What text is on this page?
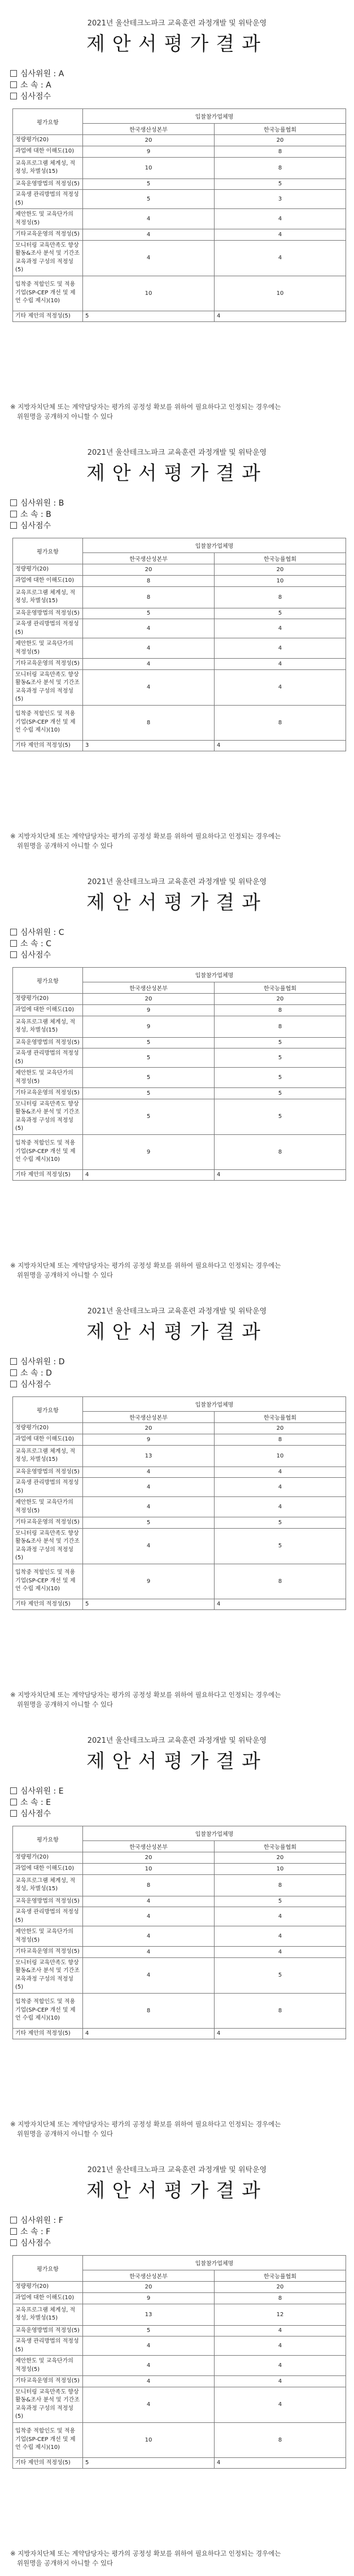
2021년 울산테크노파크 교육훈련 과정개발 및 위탁운영
제안서평가결과
심사위원 : A
소 속 : A
심사점수
평가요항	입찰참가업체명	
	한국생산성본부	한국능률협회
정량평가(20)	20	20
과업에 대한 이해도(10)	9	8
교육프로그램 체계성, 적정성, 차별성(15)	10	8
교육운영방법의 적정성(5)	5	5
교육생 관리방법의 적정성(5)	5	3
제안한도 및 교육단가의 적정성(5)	4	4
기타교육운영의 적정성(5)	4	4
모니터링 교육만족도 향상활동&조사 분석 및 기간조 교육과정 구성의 적정성(5)	4	4
입착중 적합인도 및 적용기업(SP-CEP 개선 및 제언 수립 제시)(10)	10	10
기타 제안의 적정성(5)	5	4
※ 지방자치단체 또는 계약담당자는 평가의 공정성 확보를 위하여 필요하다고 인정되는 경우에는
위원명을 공개하지 아니할 수 있다
2021년 울산테크노파크 교육훈련 과정개발 및 위탁운영
제안서평가결과
심사위원 : B
소 속 : B
심사점수
평가요항	입찰참가업체명	
	한국생산성본부	한국능률협회
정량평가(20)	20	20
과업에 대한 이해도(10)	8	10
교육프로그램 체계성, 적정성, 차별성(15)	8	8
교육운영방법의 적정성(5)	5	5
교육생 관리방법의 적정성(5)	4	4
제안한도 및 교육단가의 적정성(5)	4	4
기타교육운영의 적정성(5)	4	4
모니터링 교육만족도 향상활동&조사 분석 및 기간조 교육과정 구성의 적정성(5)	4	4
입착중 적합인도 및 적용기업(SP-CEP 개선 및 제언 수립 제시)(10)	8	8
기타 제안의 적정성(5)	3	4
※ 지방자치단체 또는 계약담당자는 평가의 공정성 확보를 위하여 필요하다고 인정되는 경우에는
위원명을 공개하지 아니할 수 있다
2021년 울산테크노파크 교육훈련 과정개발 및 위탁운영
제안서평가결과
심사위원 : C
소 속 : C
심사점수
평가요항	입찰참가업체명	
	한국생산성본부	한국능률협회
정량평가(20)	20	20
과업에 대한 이해도(10)	9	8
교육프로그램 체계성, 적정성, 차별성(15)	9	8
교육운영방법의 적정성(5)	5	5
교육생 관리방법의 적정성(5)	5	5
제안한도 및 교육단가의 적정성(5)	5	5
기타교육운영의 적정성(5)	5	5
모니터링 교육만족도 향상활동&조사 분석 및 기간조 교육과정 구성의 적정성(5)	5	5
입착중 적합인도 및 적용기업(SP-CEP 개선 및 제언 수립 제시)(10)	9	8
기타 제안의 적정성(5)	4	4
※ 지방자치단체 또는 계약담당자는 평가의 공정성 확보를 위하여 필요하다고 인정되는 경우에는
위원명을 공개하지 아니할 수 있다
2021년 울산테크노파크 교육훈련 과정개발 및 위탁운영
제안서평가결과
심사위원 : D
소 속 : D
심사점수
평가요항	입찰참가업체명	
	한국생산성본부	한국능률협회
정량평가(20)	20	20
과업에 대한 이해도(10)	9	8
교육프로그램 체계성, 적정성, 차별성(15)	13	10
교육운영방법의 적정성(5)	4	4
교육생 관리방법의 적정성(5)	4	4
제안한도 및 교육단가의 적정성(5)	4	4
기타교육운영의 적정성(5)	5	5
모니터링 교육만족도 향상활동&조사 분석 및 기간조 교육과정 구성의 적정성(5)	4	5
입착중 적합인도 및 적용기업(SP-CEP 개선 및 제언 수립 제시)(10)	9	8
기타 제안의 적정성(5)	5	4
※ 지방자치단체 또는 계약담당자는 평가의 공정성 확보를 위하여 필요하다고 인정되는 경우에는
위원명을 공개하지 아니할 수 있다
2021년 울산테크노파크 교육훈련 과정개발 및 위탁운영
제안서평가결과
심사위원 : E
소 속 : E
심사점수
평가요항	입찰참가업체명	
	한국생산성본부	한국능률협회
정량평가(20)	20	20
과업에 대한 이해도(10)	10	10
교육프로그램 체계성, 적정성, 차별성(15)	8	8
교육운영방법의 적정성(5)	4	5
교육생 관리방법의 적정성(5)	4	4
제안한도 및 교육단가의 적정성(5)	4	4
기타교육운영의 적정성(5)	4	4
모니터링 교육만족도 향상활동&조사 분석 및 기간조 교육과정 구성의 적정성(5)	4	5
입착중 적합인도 및 적용기업(SP-CEP 개선 및 제언 수립 제시)(10)	8	8
기타 제안의 적정성(5)	4	4
※ 지방자치단체 또는 계약담당자는 평가의 공정성 확보를 위하여 필요하다고 인정되는 경우에는
위원명을 공개하지 아니할 수 있다
2021년 울산테크노파크 교육훈련 과정개발 및 위탁운영
제안서평가결과
심사위원 : F
소 속 : F
심사점수
평가요항	입찰참가업체명	
	한국생산성본부	한국능률협회
정량평가(20)	20	20
과업에 대한 이해도(10)	9	8
교육프로그램 체계성, 적정성, 차별성(15)	13	12
교육운영방법의 적정성(5)	5	4
교육생 관리방법의 적정성(5)	4	4
제안한도 및 교육단가의 적정성(5)	4	4
기타교육운영의 적정성(5)	4	4
모니터링 교육만족도 향상활동&조사 분석 및 기간조 교육과정 구성의 적정성(5)	4	4
입착중 적합인도 및 적용기업(SP-CEP 개선 및 제언 수립 제시)(10)	10	8
기타 제안의 적정성(5)	5	4
※ 지방자치단체 또는 계약담당자는 평가의 공정성 확보를 위하여 필요하다고 인정되는 경우에는
위원명을 공개하지 아니할 수 있다
